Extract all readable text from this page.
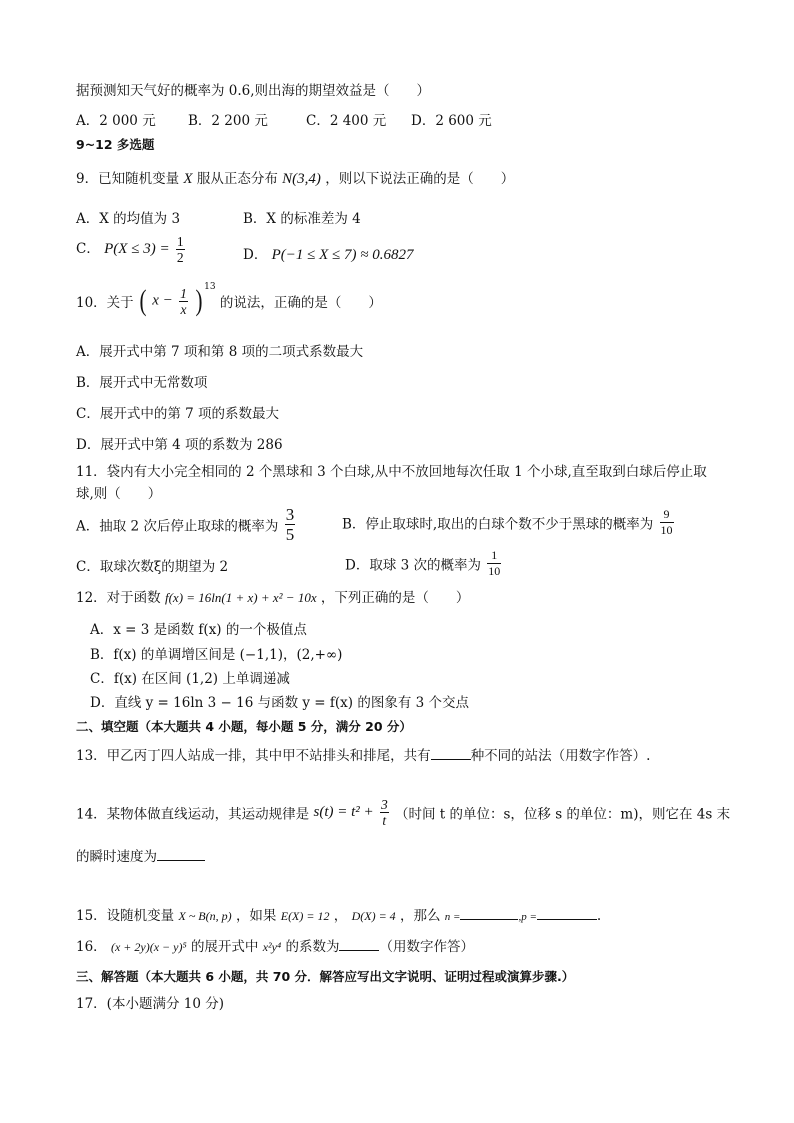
据预测知天气好的概率为 0.6,则出海的期望效益是（　　）
A．2 000 元 B．2 200 元	C．2 400 元 D．2 600 元
9~12 多选题
9．已知随机变量 X 服从正态分布 N(3,4) ，则以下说法正确的是（　　）
A．X 的均值为 3	B．X 的标准差为 4
C． $P(X \le 3) = \frac{1}{2}$	D． P(−1 ≤ X ≤ 7) ≈ 0.6827
10．关于 ( $x - \frac{1}{x}$ ) $^{13}$ 的说法，正确的是（　　）
A．展开式中第 7 项和第 8 项的二项式系数最大
B．展开式中无常数项
C．展开式中的第 7 项的系数最大
D．展开式中第 4 项的系数为 286
11．袋内有大小完全相同的 2 个黑球和 3 个白球,从中不放回地每次任取 1 个小球,直至取到白球后停止取
球,则（　　）
A．抽取 2 次后停止取球的概率为 $\frac{3}{5}$	B．停止取球时,取出的白球个数不少于黑球的概率为 $\frac{9}{10}$
C．取球次数ξ的期望为 2	D．取球 3 次的概率为 $\frac{1}{10}$
12．对于函数 f(x) = 16ln(1 + x) + x² − 10x ，下列正确的是（　　）
A．x = 3 是函数 f(x) 的一个极值点
B．f(x) 的单调增区间是 (−1,1)，(2,+∞)
C．f(x) 在区间 (1,2) 上单调递减
D．直线 y = 16ln 3 − 16 与函数 y = f(x) 的图象有 3 个交点
二、填空题（本大题共 4 小题，每小题 5 分，满分 20 分）
13．甲乙丙丁四人站成一排，其中甲不站排头和排尾，共有	种不同的站法（用数字作答）.
14．某物体做直线运动，其运动规律是 $s(t) = t^2 + \frac{3}{t}$ （时间 t 的单位：s，位移 s 的单位：m)，则它在 4s 末
的瞬时速度为
15．设随机变量 X ~ B(n, p) ，如果 E(X) = 12 ， D(X) = 4 ，那么 n =	,p =	.
16． (x + 2y)(x − y)⁵ 的展开式中 x²y⁴ 的系数为	（用数字作答）
三、解答题（本大题共 6 小题，共 70 分．解答应写出文字说明、证明过程或演算步骤.）
17．(本小题满分 10 分)
